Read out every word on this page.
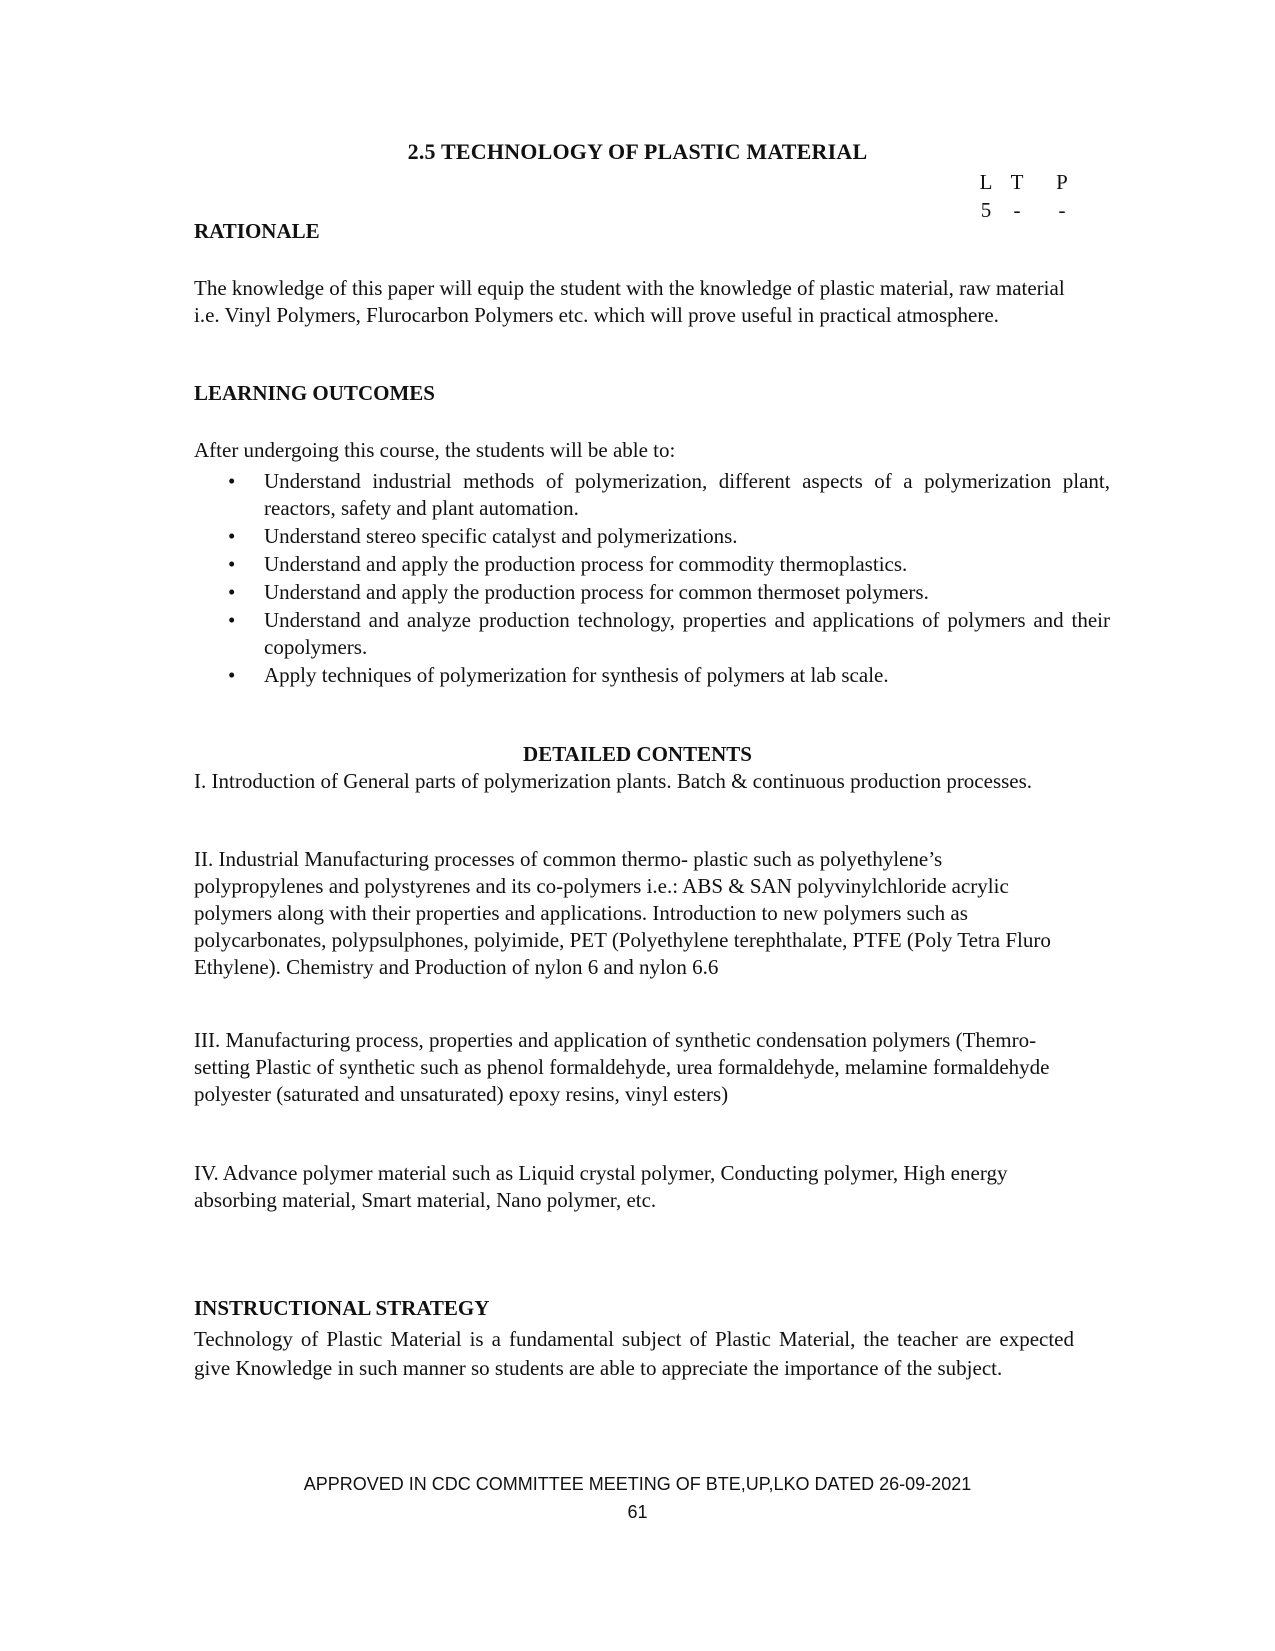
2.5 TECHNOLOGY OF PLASTIC MATERIAL
L T	P
5	-	-
RATIONALE
The knowledge of this paper will equip the student with the knowledge of plastic material, raw material i.e. Vinyl Polymers, Flurocarbon Polymers etc. which will prove useful in practical atmosphere.
LEARNING OUTCOMES
After undergoing this course, the students will be able to:
• Understand industrial methods of polymerization, different aspects of a polymerization plant, reactors, safety and plant automation.
• Understand stereo specific catalyst and polymerizations.
• Understand and apply the production process for commodity thermoplastics.
• Understand and apply the production process for common thermoset polymers.
• Understand and analyze production technology, properties and applications of polymers and their copolymers.
• Apply techniques of polymerization for synthesis of polymers at lab scale.
DETAILED CONTENTS
I. Introduction of General parts of polymerization plants. Batch & continuous production processes.
II. Industrial Manufacturing processes of common thermo- plastic such as polyethylene’s polypropylenes and polystyrenes and its co-polymers i.e.: ABS & SAN polyvinylchloride acrylic polymers along with their properties and applications. Introduction to new polymers such as polycarbonates, polypsulphones, polyimide, PET (Polyethylene terephthalate, PTFE (Poly Tetra Fluro Ethylene). Chemistry and Production of nylon 6 and nylon 6.6
III. Manufacturing process, properties and application of synthetic condensation polymers (Themro-setting Plastic of synthetic such as phenol formaldehyde, urea formaldehyde, melamine formaldehyde polyester (saturated and unsaturated) epoxy resins, vinyl esters)
IV. Advance polymer material such as Liquid crystal polymer, Conducting polymer, High energy absorbing material, Smart material, Nano polymer, etc.
INSTRUCTIONAL STRATEGY
Technology of Plastic Material is a fundamental subject of Plastic Material, the teacher are expected give Knowledge in such manner so students are able to appreciate the importance of the subject.
APPROVED IN CDC COMMITTEE MEETING OF BTE,UP,LKO DATED 26-09-2021
61
